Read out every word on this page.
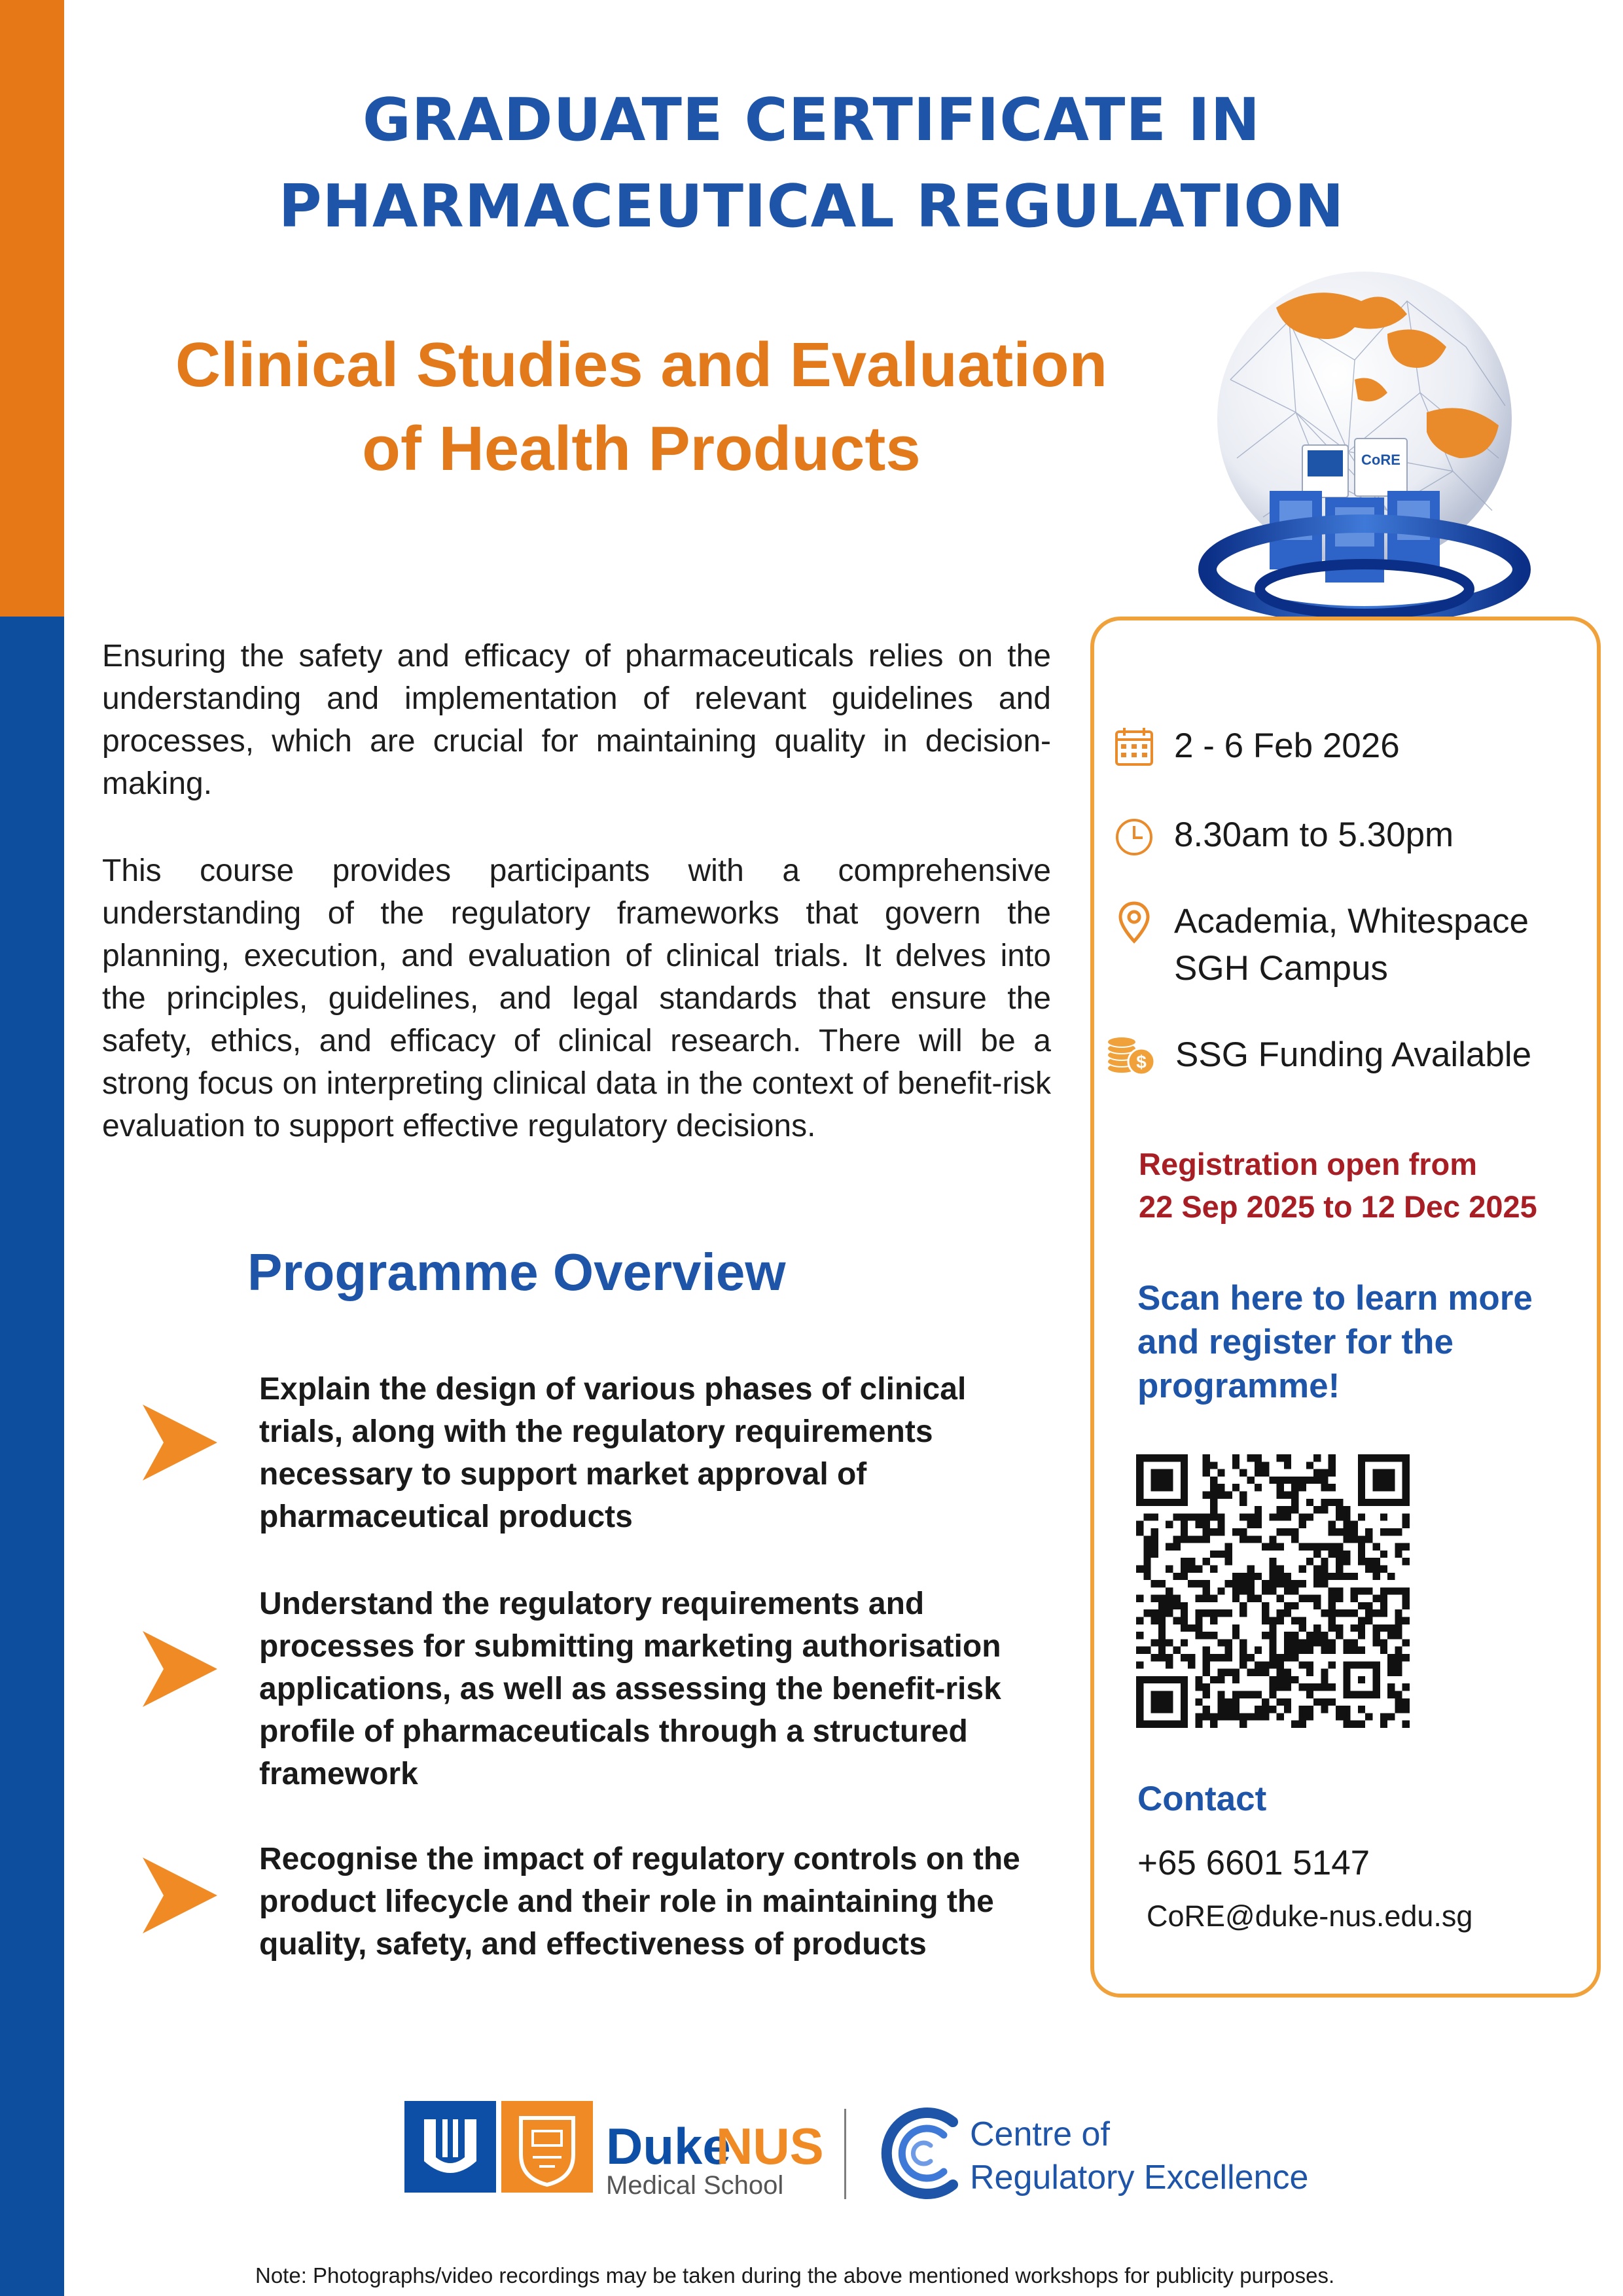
GRADUATE CERTIFICATE IN
PHARMACEUTICAL REGULATION
Clinical Studies and Evaluation
of Health Products	CoRE

Ensuring the safety and efficacy of pharmaceuticals relies on the understanding and implementation of relevant guidelines and processes, which are crucial for maintaining quality in decision-making.

This course provides participants with a comprehensive understanding of the regulatory frameworks that govern the planning, execution, and evaluation of clinical trials. It delves into the principles, guidelines, and legal standards that ensure the safety, ethics, and efficacy of clinical research. There will be a strong focus on interpreting clinical data in the context of benefit-risk evaluation to support effective regulatory decisions.

Programme Overview
Explain the design of various phases of clinical
trials, along with the regulatory requirements
necessary to support market approval of
pharmaceutical products
Understand the regulatory requirements and
processes for submitting marketing authorisation
applications, as well as assessing the benefit-risk
profile of pharmaceuticals through a structured
framework
Recognise the impact of regulatory controls on the
product lifecycle and their role in maintaining the
quality, safety, and effectiveness of products
2 - 6 Feb 2026
8.30am to 5.30pm
Academia, Whitespace
SGH Campus
$ SSG Funding Available
Registration open from
22 Sep 2025 to 12 Dec 2025
Scan here to learn more
and register for the
programme!
Contact
+65 6601 5147
CoRE@duke-nus.edu.sg
Duke
NUS
Medical School
Centre of
Regulatory Excellence
Note: Photographs/video recordings may be taken during the above mentioned workshops for publicity purposes.
